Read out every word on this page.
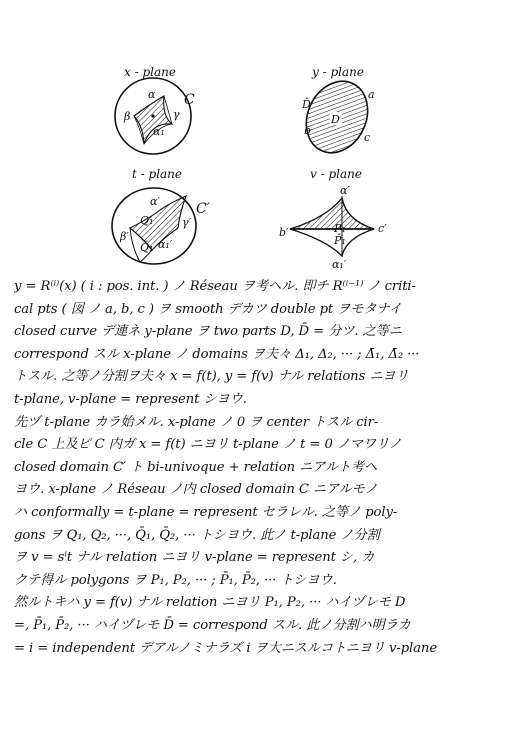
x - plane
C
α
β	γ
α₁
y - plane
D
D̄
a
b
c
t - plane
C′
α′
β′
γ′
α₁′
Q₁
Q̄₁
v - plane
α′
b′	c′
α₁′
P₁
P̄₁
y = R⁽ⁱ⁾(x) ( i : pos. int. ) ノ Réseau ヲ考ヘル. 即チ R⁽ⁱ⁻¹⁾ ノ criti-
cal pts ( 図 ノ a, b, c ) ヲ smooth デカツ double pt ヲモタナイ
closed curve デ連ネ y-plane ヲ two parts D, D̄ = 分ツ. 之等ニ
correspond スル x-plane ノ domains ヲ夫々 Δ₁, Δ₂, ··· ; Δ̄₁, Δ̄₂ ···
トスル. 之等ノ分割ヲ夫々 x = f(t), y = f(v) ナル relations ニヨリ
t-plane, v-plane = represent シヨウ.
先ヅ t-plane カラ始メル. x-plane ノ 0 ヲ center トスル cir-
cle C 上及ビ C 内ガ x = f(t) ニヨリ t-plane ノ t = 0 ノマワリノ
closed domain C′ ト bi-univoque + relation ニアルト考ヘ
ヨウ. x-plane ノ Réseau ノ内 closed domain C ニアルモノ
ハ conformally = t-plane = represent セラレル. 之等ノ poly-
gons ヲ Q₁, Q₂, ···, Q̄₁, Q̄₂, ··· トシヨウ. 此ノ t-plane ノ分割
ヲ v = sⁱt ナル relation ニヨリ v-plane = represent シ, カ
クテ得ル polygons ヲ P₁, P₂, ··· ; P̄₁, P̄₂, ··· トシヨウ.
然ルトキハ y = f(v) ナル relation ニヨリ P₁, P₂, ··· ハイヅレモ D
=, P̄₁, P̄₂, ··· ハイヅレモ D̄ = correspond スル. 此ノ分割ハ明ラカ
= i = independent デアルノミナラズ i ヲ大ニスルコトニヨリ v-plane
